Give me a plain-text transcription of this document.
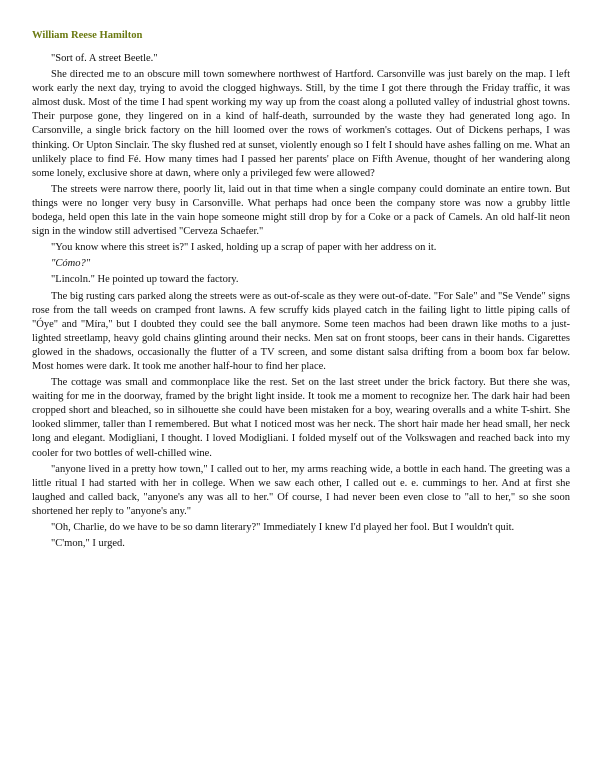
William Reese Hamilton

"Sort of. A street Beetle."

She directed me to an obscure mill town somewhere northwest of Hartford. Carsonville was just barely on the map. I left work early the next day, trying to avoid the clogged highways. Still, by the time I got there through the Friday traffic, it was almost dusk. Most of the time I had spent working my way up from the coast along a polluted valley of industrial ghost towns. Their purpose gone, they lingered on in a kind of half-death, surrounded by the waste they had generated long ago. In Carsonville, a single brick factory on the hill loomed over the rows of workmen's cottages. Out of Dickens perhaps, I was thinking. Or Upton Sinclair. The sky flushed red at sunset, violently enough so I felt I should have ashes falling on me. What an unlikely place to find Fé. How many times had I passed her parents' place on Fifth Avenue, thought of her wandering along some lonely, exclusive shore at dawn, where only a privileged few were allowed?

The streets were narrow there, poorly lit, laid out in that time when a single company could dominate an entire town. But things were no longer very busy in Carsonville. What perhaps had once been the company store was now a grubby little bodega, held open this late in the vain hope someone might still drop by for a Coke or a pack of Camels. An old half-lit neon sign in the window still advertised "Cerveza Schaefer."

"You know where this street is?" I asked, holding up a scrap of paper with her address on it.

"Cómo?"

"Lincoln." He pointed up toward the factory.

The big rusting cars parked along the streets were as out-of-scale as they were out-of-date. "For Sale" and "Se Vende" signs rose from the tall weeds on cramped front lawns. A few scruffy kids played catch in the failing light to little piping calls of "Óye" and "Míra," but I doubted they could see the ball anymore. Some teen machos had been drawn like moths to a just-lighted streetlamp, heavy gold chains glinting around their necks. Men sat on front stoops, beer cans in their hands. Cigarettes glowed in the shadows, occasionally the flutter of a TV screen, and some distant salsa drifting from a boom box far below. Most homes were dark. It took me another half-hour to find her place.

The cottage was small and commonplace like the rest. Set on the last street under the brick factory. But there she was, waiting for me in the doorway, framed by the bright light inside. It took me a moment to recognize her. The dark hair had been cropped short and bleached, so in silhouette she could have been mistaken for a boy, wearing overalls and a white T-shirt. She looked slimmer, taller than I remembered. But what I noticed most was her neck. The short hair made her head small, her neck long and elegant. Modigliani, I thought. I loved Modigliani. I folded myself out of the Volkswagen and reached back into my cooler for two bottles of well-chilled wine.

"anyone lived in a pretty how town," I called out to her, my arms reaching wide, a bottle in each hand. The greeting was a little ritual I had started with her in college. When we saw each other, I called out e. e. cummings to her. And at first she laughed and called back, "anyone's any was all to her." Of course, I had never been even close to "all to her," so she soon shortened her reply to "anyone's any."

"Oh, Charlie, do we have to be so damn literary?" Immediately I knew I'd played her fool. But I wouldn't quit.

"C'mon," I urged.
